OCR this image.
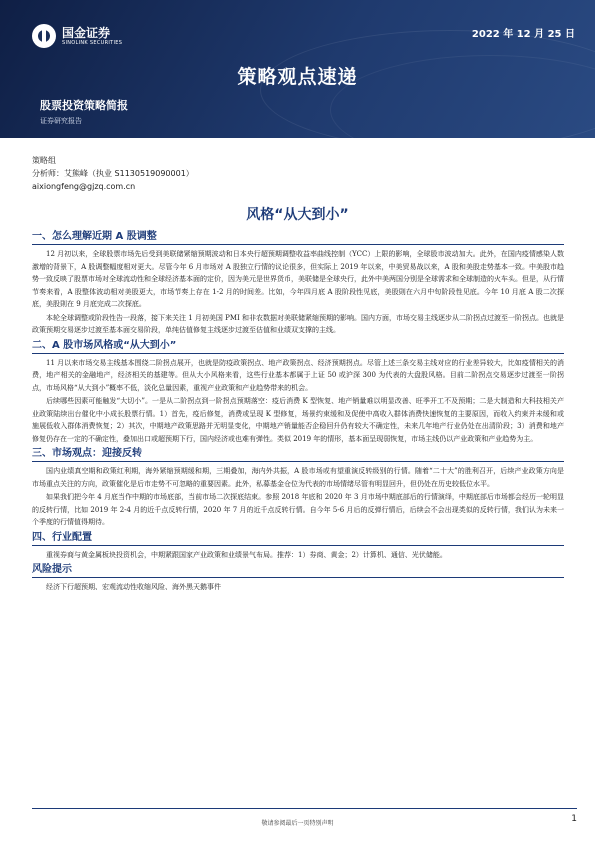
国金证券
SINOLINK SECURITIES
2022 年 12 月 25 日
策略观点速递
股票投资策略简报
证券研究报告
策略组
分析师：艾熊峰（执业 S1130519090001）
aixiongfeng@gjzq.com.cn
风格“从大到小”
一、怎么理解近期 A 股调整

12 月初以来，全球股票市场先后受到美联储紧缩预期波动和日本央行超预期调整收益率曲线控制（YCC）上限的影响，全球股市波动加大。此外，在国内疫情感染人数激增的背景下，A 股调整幅度相对更大。尽管今年 6 月市场对 A 股独立行情的议论很多，但实际上 2019 年以来，中美贸易战以来，A 股和美股走势基本一致。中美股市趋势一致反映了股票市场对全球流动性和全球经济基本面的定价，因为美元是世界货币，美联储是全球央行，此外中美两国分别是全球需求和全球制造的火车头。但是，从行情节奏来看，A 股整体波动相对美股更大，市场节奏上存在 1-2 月的时间差。比如，今年四月底 A 股阶段性见底，美股則在六月中旬阶段性见底。今年 10 月底 A 股二次探底，美股則在 9 月底完成二次探底。

本轮全球调整或阶段性告一段落，接下来关注 1 月初美国 PMI 和非农数据对美联储紧缩预期的影响。国内方面，市场交易主线逐步从二阶拐点过渡至一阶拐点。也就是政策预期交易逐步过渡至基本面交易阶段，单纯估值修复主线逐步过渡至估值和业绩双支撑的主线。

二、A 股市场风格或“从大到小”

11 月以来市场交易主线基本围绕二阶拐点展开，也就是防疫政策拐点、地产政策拐点、经济预期拐点。尽管上述三条交易主线对应的行业差异较大，比如疫情相关的消费，地产相关的金融地产，经济相关的基建等。但从大小风格来看，这些行业基本都属于上证 50 或沪深 300 为代表的大盘股风格。目前二阶拐点交易逐步过渡至一阶拐点，市场风格“从大到小”概率不低，淡化总量因素，重视产业政策和产业趋势带来的机会。

后续哪些因素可能触发“大切小”。一是从二阶拐点到一阶拐点预期落空：疫后消费 K 型恢复、地产销量难以明显改善、旺季开工不及预期；二是大制造和大科技相关产业政策陆续出台催化中小成长股票行情。1）首先，疫后修复，消费或呈现 K 型修复，场景约束缓和及促使中高收入群体消费快速恢复的主要原因，而收入约束并未缓和或施展低收入群体消费恢复；2）其次，中期地产政策思路并无明显变化，中期地产销量能否企稳回升仍有较大不确定性，未来几年地产行业仍处在出清阶段；3）消费和地产修复仍存在一定的不确定性，叠加出口或超预期下行，国内经济或也难有弹性。类似 2019 年的情形，基本面呈现弱恢复，市场主线仍以产业政策和产业趋势为主。

三、市场观点：迎接反转

国内业绩真空期和政策红利期，海外紧缩预期缓和期，三期叠加，海内外共振，A 股市场或有望重演反转级别的行情。随着“二十大”的胜利召开，后续产业政策方向是市场重点关注的方向，政策催化是后市走势不可忽略的重要因素。此外，私募基金仓位为代表的市场情绪尽管有明显回升，但仍处在历史较低位水平。

如果我们把今年 4 月底当作中期的市场底部，当前市场二次探底结束。参照 2018 年底和 2020 年 3 月市场中期底部后的行情演绎，中期底部后市场都会经历一轮明显的反转行情，比如 2019 年 2-4 月的近千点反转行情，2020 年 7 月的近千点反转行情。自今年 5-6 月后的反弹行情后，后续会不会出现类似的反转行情，我们认为未来一个季度的行情值得期待。

四、行业配置

重视券商与黄金属板块投资机会，中期紧跟国家产业政策和业绩景气布局。推荐：1）券商、黄金；2）计算机、通信、光伏储能。

风险提示

经济下行超预期、宏观流动性收缩风险、海外黑天鹅事件

敬请参阅最后一页特别声明	1
